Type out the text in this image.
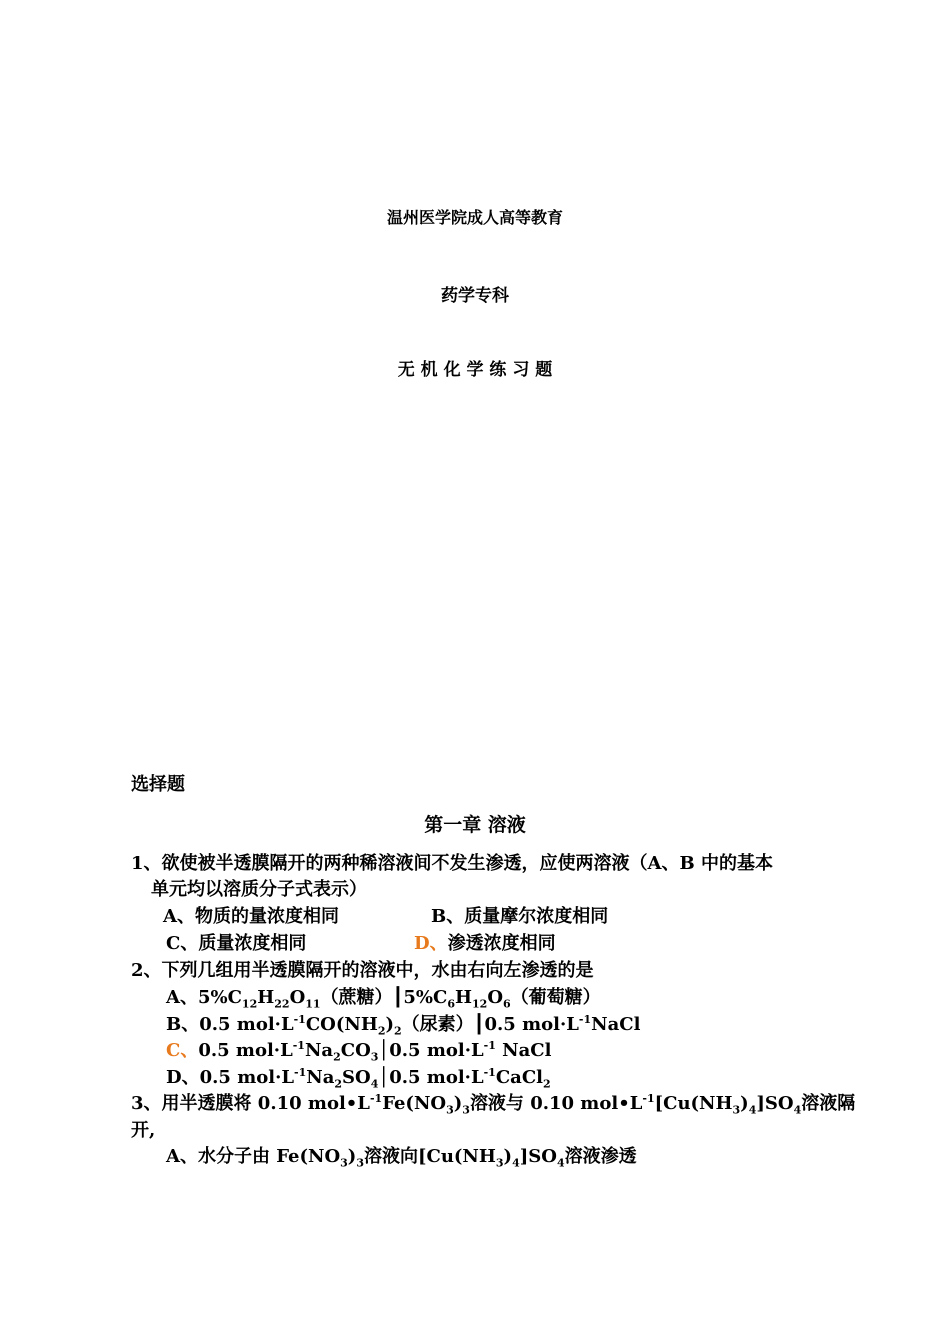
温州医学院成人高等教育
药学专科
无 机 化 学 练 习 题
选择题
第一章 溶液
1、欲使被半透膜隔开的两种稀溶液间不发生渗透，应使两溶液（A、B 中的基本
单元均以溶质分子式表示）
A、物质的量浓度相同	B、质量摩尔浓度相同
C、质量浓度相同	D、渗透浓度相同
2、下列几组用半透膜隔开的溶液中，水由右向左渗透的是
A、$5\%C_{12}H_{22}O_{11}$（蔗糖）$┃5\%C_6H_{12}O_6$（葡萄糖）
B、0.5 $mol\cdot L^{-1}CO(NH_2)_2$（尿素）┃0.5 $mol\cdot L^{-1}NaCl$
C、0.5 $mol\cdot L^{-1}Na_2CO_3│0.5$ $mol\cdot L^{-1}$ NaCl
D、0.5 $mol\cdot L^{-1}Na_2SO_4│0.5$ $mol\cdot L^{-1}CaCl_2$
3、用半透膜将 0.10 $mol•L^{-1}Fe(NO_3)_3$溶液与 0.10 $mol•L^{-1}[Cu(NH_3)_4]SO_4$溶液隔
开,
A、水分子由 $Fe(NO_3)_3$溶液向$[Cu(NH_3)_4]SO_4$溶液渗透
